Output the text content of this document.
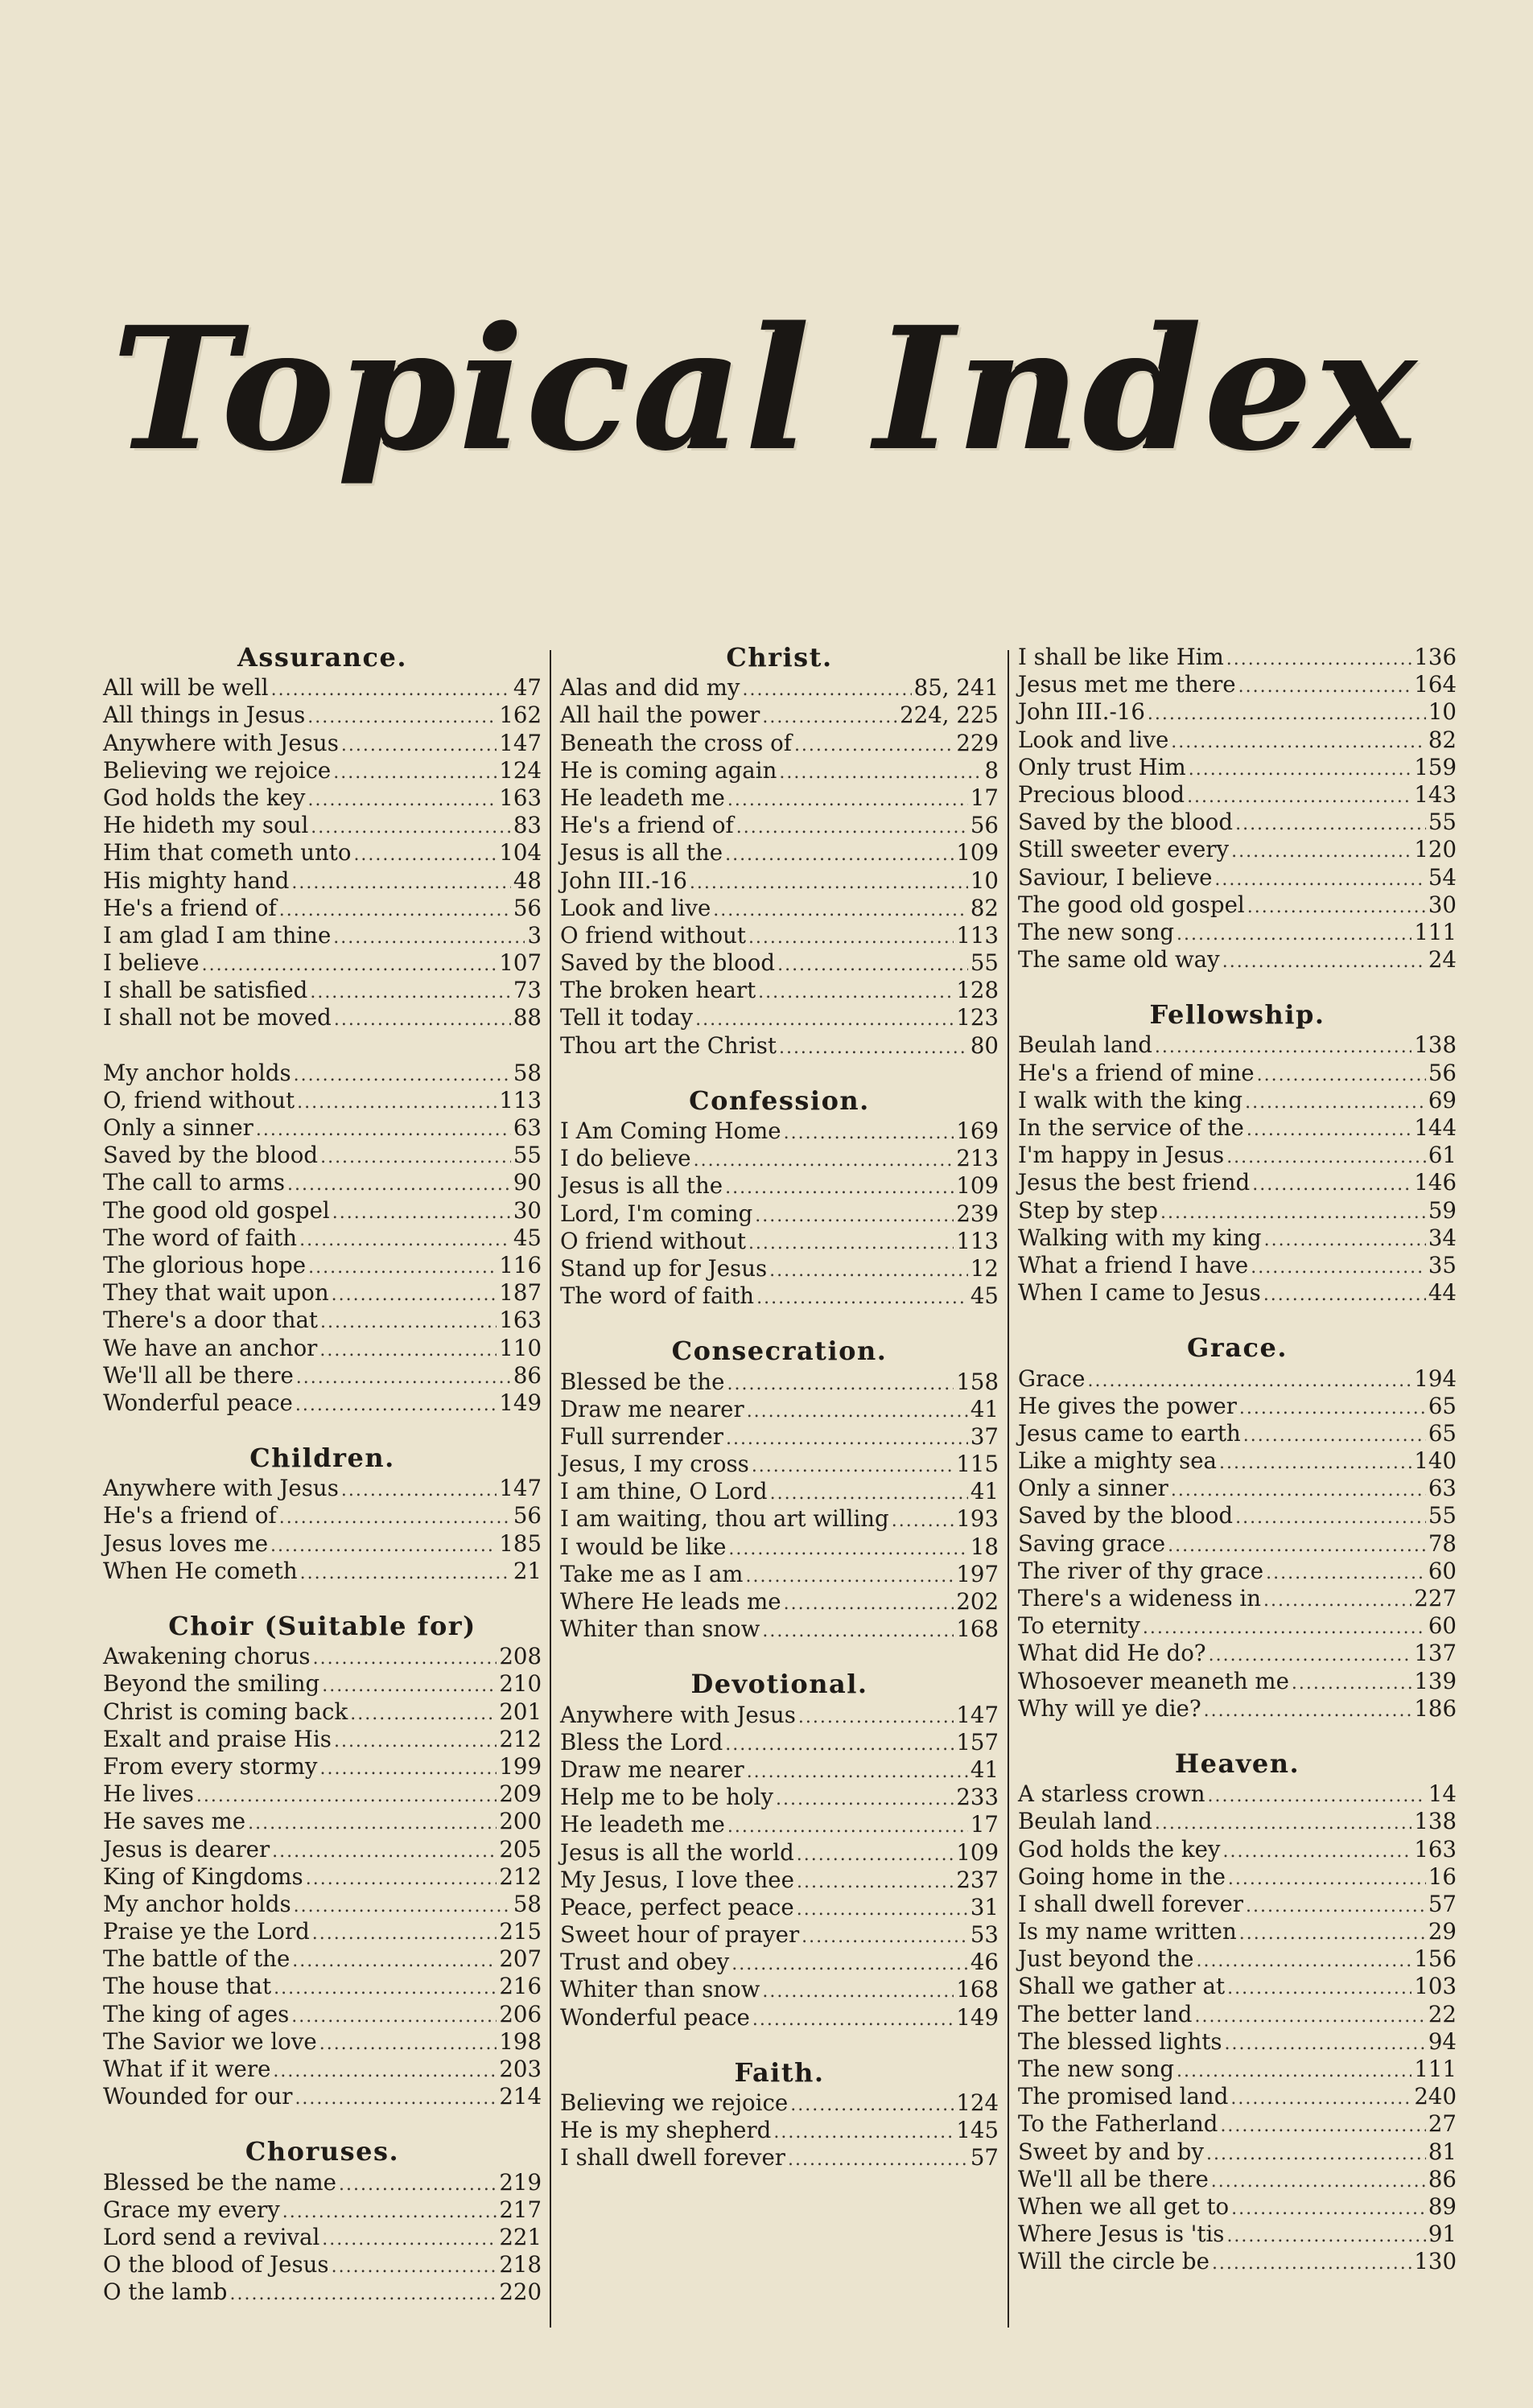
Topical Index
Assurance.
All will be well .....	47
All things in Jesus .....	162
Anywhere with Jesus .....	147
Believing we rejoice .....	124
God holds the key .....	163
He hideth my soul .....	83
Him that cometh unto .....	104
His mighty hand .....	48
He's a friend of .....	56
I am glad I am thine .....	3
I believe .....	107
I shall be satisfied .....	73
I shall not be moved .....	88
My anchor holds .....	58
O, friend without .....	113
Only a sinner .....	63
Saved by the blood .....	55
The call to arms .....	90
The good old gospel .....	30
The word of faith .....	45
The glorious hope .....	116
They that wait upon .....	187
There's a door that .....	163
We have an anchor .....	110
We'll all be there .....	86
Wonderful peace .....	149
Children.
Anywhere with Jesus .....	147
He's a friend of .....	56
Jesus loves me .....	185
When He cometh .....	21
Choir (Suitable for)
Awakening chorus .....	208
Beyond the smiling .....	210
Christ is coming back .....	201
Exalt and praise His .....	212
From every stormy .....	199
He lives .....	209
He saves me .....	200
Jesus is dearer .....	205
King of Kingdoms .....	212
My anchor holds .....	58
Praise ye the Lord .....	215
The battle of the .....	207
The house that .....	216
The king of ages .....	206
The Savior we love .....	198
What if it were .....	203
Wounded for our .....	214
Choruses.
Blessed be the name .....	219
Grace my every .....	217
Lord send a revival .....	221
O the blood of Jesus .....	218
O the lamb .....	220
Christ.
Alas and did my .....	85, 241
All hail the power .....	224, 225
Beneath the cross of .....	229
He is coming again .....	8
He leadeth me .....	17
He's a friend of .....	56
Jesus is all the .....	109
John III.-16 .....	10
Look and live .....	82
O friend without .....	113
Saved by the blood .....	55
The broken heart .....	128
Tell it today .....	123
Thou art the Christ .....	80
Confession.
I Am Coming Home .....	169
I do believe .....	213
Jesus is all the .....	109
Lord, I'm coming .....	239
O friend without .....	113
Stand up for Jesus .....	12
The word of faith .....	45
Consecration.
Blessed be the .....	158
Draw me nearer .....	41
Full surrender .....	37
Jesus, I my cross .....	115
I am thine, O Lord .....	41
I am waiting, thou art willing .....	193
I would be like .....	18
Take me as I am .....	197
Where He leads me .....	202
Whiter than snow .....	168
Devotional.
Anywhere with Jesus .....	147
Bless the Lord .....	157
Draw me nearer .....	41
Help me to be holy .....	233
He leadeth me .....	17
Jesus is all the world .....	109
My Jesus, I love thee .....	237
Peace, perfect peace .....	31
Sweet hour of prayer .....	53
Trust and obey .....	46
Whiter than snow .....	168
Wonderful peace .....	149
Faith.
Believing we rejoice .....	124
He is my shepherd .....	145
I shall dwell forever .....	57
I shall be like Him .....	136
Jesus met me there .....	164
John III.-16 .....	10
Look and live .....	82
Only trust Him .....	159
Precious blood .....	143
Saved by the blood .....	55
Still sweeter every .....	120
Saviour, I believe .....	54
The good old gospel .....	30
The new song .....	111
The same old way .....	24
Fellowship.
Beulah land .....	138
He's a friend of mine .....	56
I walk with the king .....	69
In the service of the .....	144
I'm happy in Jesus .....	61
Jesus the best friend .....	146
Step by step .....	59
Walking with my king .....	34
What a friend I have .....	35
When I came to Jesus .....	44
Grace.
Grace .....	194
He gives the power .....	65
Jesus came to earth .....	65
Like a mighty sea .....	140
Only a sinner .....	63
Saved by the blood .....	55
Saving grace .....	78
The river of thy grace .....	60
There's a wideness in .....	227
To eternity .....	60
What did He do? .....	137
Whosoever meaneth me .....	139
Why will ye die? .....	186
Heaven.
A starless crown .....	14
Beulah land .....	138
God holds the key .....	163
Going home in the .....	16
I shall dwell forever .....	57
Is my name written .....	29
Just beyond the .....	156
Shall we gather at .....	103
The better land .....	22
The blessed lights .....	94
The new song .....	111
The promised land .....	240
To the Fatherland .....	27
Sweet by and by .....	81
We'll all be there .....	86
When we all get to .....	89
Where Jesus is 'tis .....	91
Will the circle be .....	130
